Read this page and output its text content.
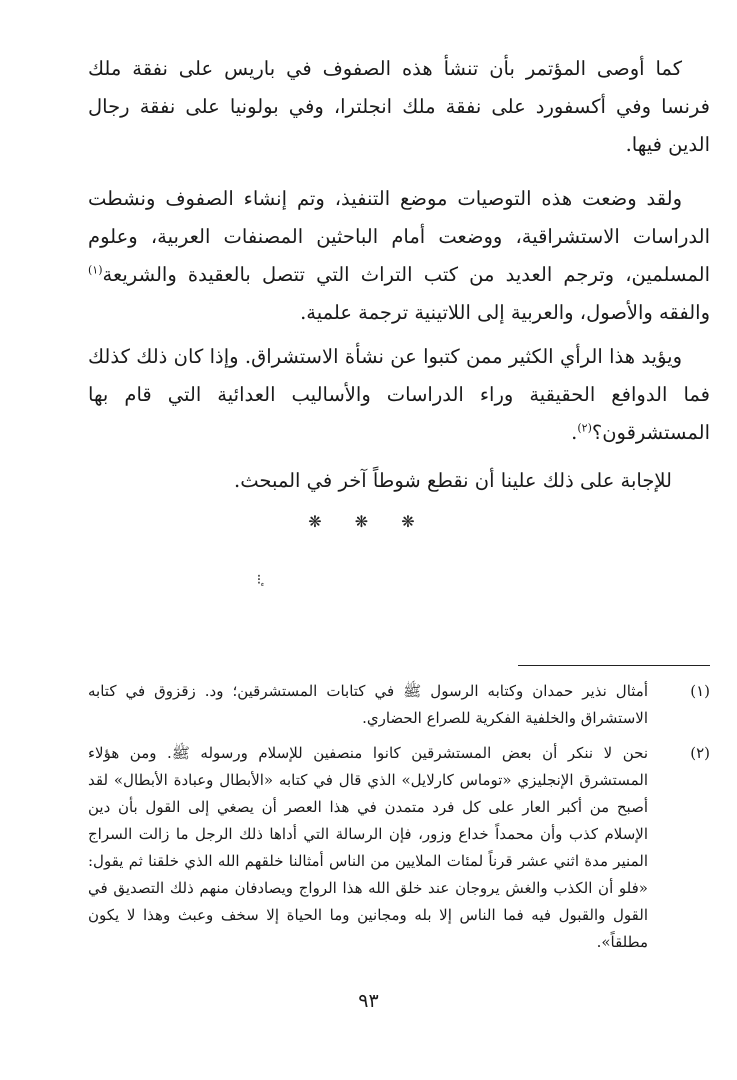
كما أوصى المؤتمر بأن تنشأ هذه الصفوف في باريس على نفقة ملك فرنسا وفي أكسفورد على نفقة ملك انجلترا، وفي بولونيا على نفقة رجال الدين فيها.

ولقد وضعت هذه التوصيات موضع التنفيذ، وتم إنشاء الصفوف ونشطت الدراسات الاستشراقية، ووضعت أمام الباحثين المصنفات العربية، وعلوم المسلمين، وترجم العديد من كتب التراث التي تتصل بالعقيدة والشريعة$^{(١)}$ والفقه والأصول، والعربية إلى اللاتينية ترجمة علمية.

ويؤيد هذا الرأي الكثير ممن كتبوا عن نشأة الاستشراق. وإذا كان ذلك كذلك فما الدوافع الحقيقية وراء الدراسات والأساليب العدائية التي قام بها المستشرقون؟$^{(٢)}$.

للإجابة على ذلك علينا أن نقطع شوطاً آخر في المبحث.
❋ ❋ ❋
⁝

(١)
أمثال نذير حمدان وكتابه الرسول ﷺ في كتابات المستشرقين؛ ود. زقزوق في كتابه الاستشراق والخلفية الفكرية للصراع الحضاري.
(٢)
نحن لا ننكر أن بعض المستشرقين كانوا منصفين للإسلام ورسوله ﷺ. ومن هؤلاء المستشرق الإنجليزي «توماس كارلايل» الذي قال في كتابه «الأبطال وعبادة الأبطال» لقد أصبح من أكبر العار على كل فرد متمدن في هذا العصر أن يصغي إلى القول بأن دين الإسلام كذب وأن محمداً خداع وزور، فإن الرسالة التي أداها ذلك الرجل ما زالت السراج المنير مدة اثني عشر قرناً لمئات الملايين من الناس أمثالنا خلقهم الله الذي خلقنا ثم يقول: «فلو أن الكذب والغش يروجان عند خلق الله هذا الرواج ويصادفان منهم ذلك التصديق في القول والقبول فيه فما الناس إلا بله ومجانين وما الحياة إلا سخف وعبث وهذا لا يكون مطلقاً».
٩٣
